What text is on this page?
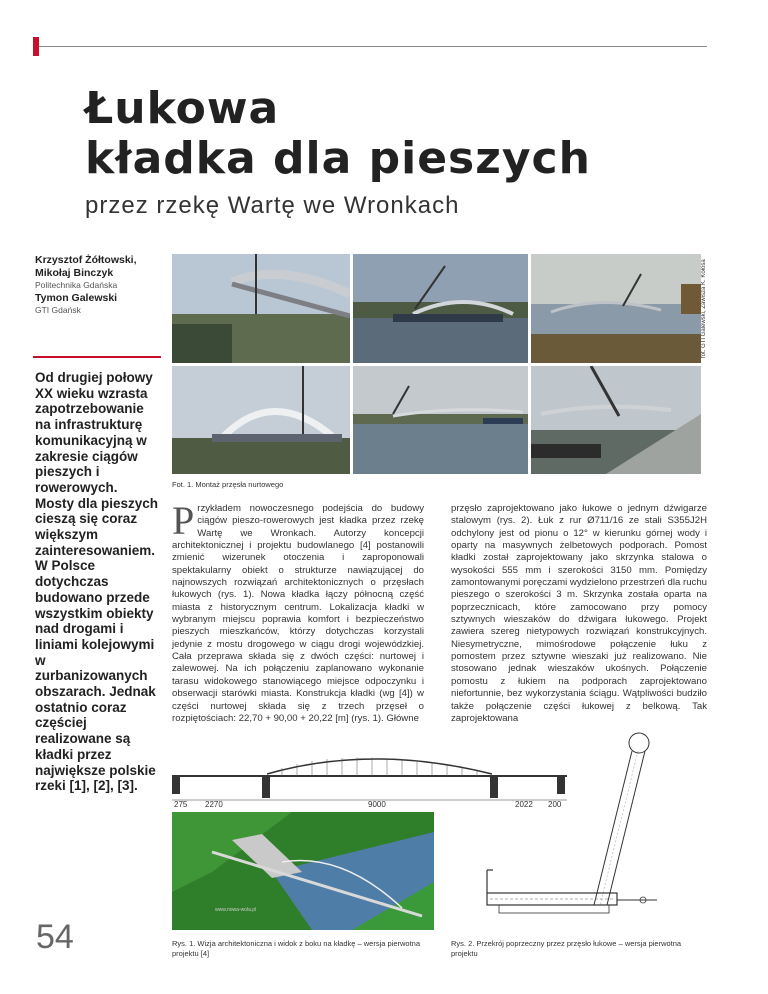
Łukowa
kładka dla pieszych
przez rzekę Wartę we Wronkach
Krzysztof Żółtowski,
Mikołaj Binczyk
Politechnika Gdańska
Tymon Galewski
GTI Gdańsk	fot. GTI Galewski, Zawisza K. Kołosa
Od drugiej połowy XX wieku wzrasta zapotrzebowanie na infrastrukturę komunikacyjną w zakresie ciągów pieszych i rowerowych. Mosty dla pieszych cieszą się coraz większym zainteresowaniem. W Polsce dotychczas budowano przede wszystkim obiekty nad drogami i liniami kolejowymi w zurbanizowanych obszarach. Jednak ostatnio coraz częściej realizowane są kładki przez największe polskie rzeki [1], [2], [3].
Fot. 1. Montaż przęsła nurtowego
Przykładem nowoczesnego podejścia do budowy ciągów pieszo-rowerowych jest kładka przez rzekę Wartę we Wronkach. Autorzy koncepcji architektonicznej i projektu budowlanego [4] postanowili zmienić wizerunek otoczenia i zaproponowali spektakularny obiekt o strukturze nawiązującej do najnowszych rozwiązań architektonicznych o przęsłach łukowych (rys. 1). Nowa kładka łączy północną część miasta z historycznym centrum. Lokalizacja kładki w wybranym miejscu poprawia komfort i bezpieczeństwo pieszych mieszkańców, którzy dotychczas korzystali jedynie z mostu drogowego w ciągu drogi wojewódzkiej. Cała przeprawa składa się z dwóch części: nurtowej i zalewowej. Na ich połączeniu zaplanowano wykonanie tarasu widokowego stanowiącego miejsce odpoczynku i obserwacji starówki miasta. Konstrukcja kładki (wg [4]) w części nurtowej składa się z trzech przęseł o rozpiętościach: 22,70 + 90,00 + 20,22 [m] (rys. 1). Główne
przęsło zaprojektowano jako łukowe o jednym dźwigarze stalowym (rys. 2). Łuk z rur Ø711/16 ze stali S355J2H odchylony jest od pionu o 12° w kierunku górnej wody i oparty na masywnych żelbetowych podporach. Pomost kładki został zaprojektowany jako skrzynka stalowa o wysokości 555 mm i szerokości 3150 mm. Pomiędzy zamontowanymi poręczami wydzielono przestrzeń dla ruchu pieszego o szerokości 3 m. Skrzynka została oparta na poprzecznicach, które zamocowano przy pomocy sztywnych wieszaków do dźwigara łukowego. Projekt zawiera szereg nietypowych rozwiązań konstrukcyjnych. Niesymetryczne, mimośrodowe połączenie łuku z pomostem przez sztywne wieszaki już realizowano. Nie stosowano jednak wieszaków ukośnych. Połączenie pomostu z łukiem na podporach zaprojektowano niefortunnie, bez wykorzystania ściągu. Wątpliwości budziło także połączenie części łukowej z belkową. Tak zaprojektowana
275 2270	9000	2022 200
www.nowa-wola.pl
Rys. 1. Wizja architektoniczna i widok z boku na kładkę – wersja pierwotna projektu [4]
Rys. 2. Przekrój poprzeczny przez przęsło łukowe – wersja pierwotna projektu
54
